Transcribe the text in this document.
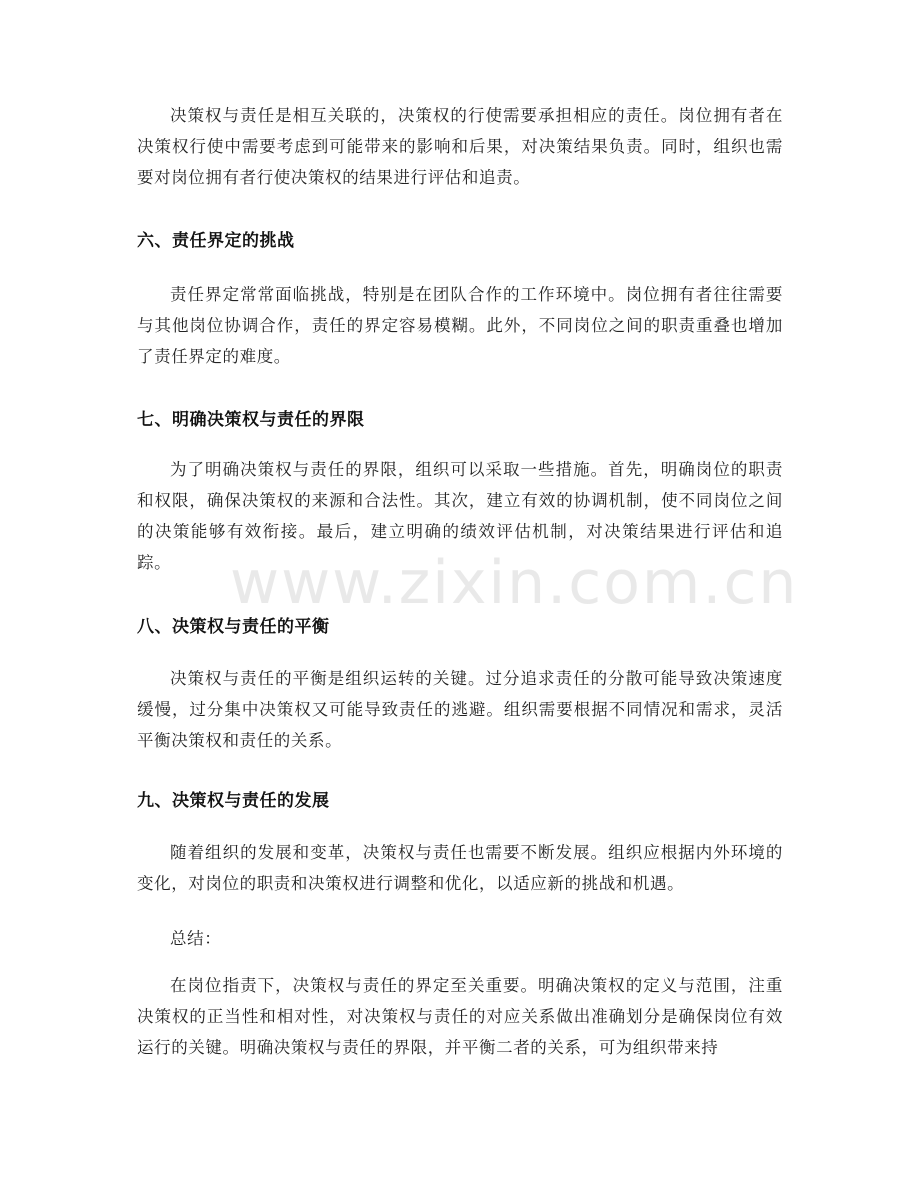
www.zixin.com.cn

决策权与责任是相互关联的，决策权的行使需要承担相应的责任。岗位拥有者在决策权行使中需要考虑到可能带来的影响和后果，对决策结果负责。同时，组织也需要对岗位拥有者行使决策权的结果进行评估和追责。

六、责任界定的挑战

责任界定常常面临挑战，特别是在团队合作的工作环境中。岗位拥有者往往需要与其他岗位协调合作，责任的界定容易模糊。此外，不同岗位之间的职责重叠也增加了责任界定的难度。

七、明确决策权与责任的界限

为了明确决策权与责任的界限，组织可以采取一些措施。首先，明确岗位的职责和权限，确保决策权的来源和合法性。其次，建立有效的协调机制，使不同岗位之间的决策能够有效衔接。最后，建立明确的绩效评估机制，对决策结果进行评估和追踪。

八、决策权与责任的平衡

决策权与责任的平衡是组织运转的关键。过分追求责任的分散可能导致决策速度缓慢，过分集中决策权又可能导致责任的逃避。组织需要根据不同情况和需求，灵活平衡决策权和责任的关系。

九、决策权与责任的发展

随着组织的发展和变革，决策权与责任也需要不断发展。组织应根据内外环境的变化，对岗位的职责和决策权进行调整和优化，以适应新的挑战和机遇。

总结：

在岗位指责下，决策权与责任的界定至关重要。明确决策权的定义与范围，注重决策权的正当性和相对性，对决策权与责任的对应关系做出准确划分是确保岗位有效运行的关键。明确决策权与责任的界限，并平衡二者的关系，可为组织带来持
